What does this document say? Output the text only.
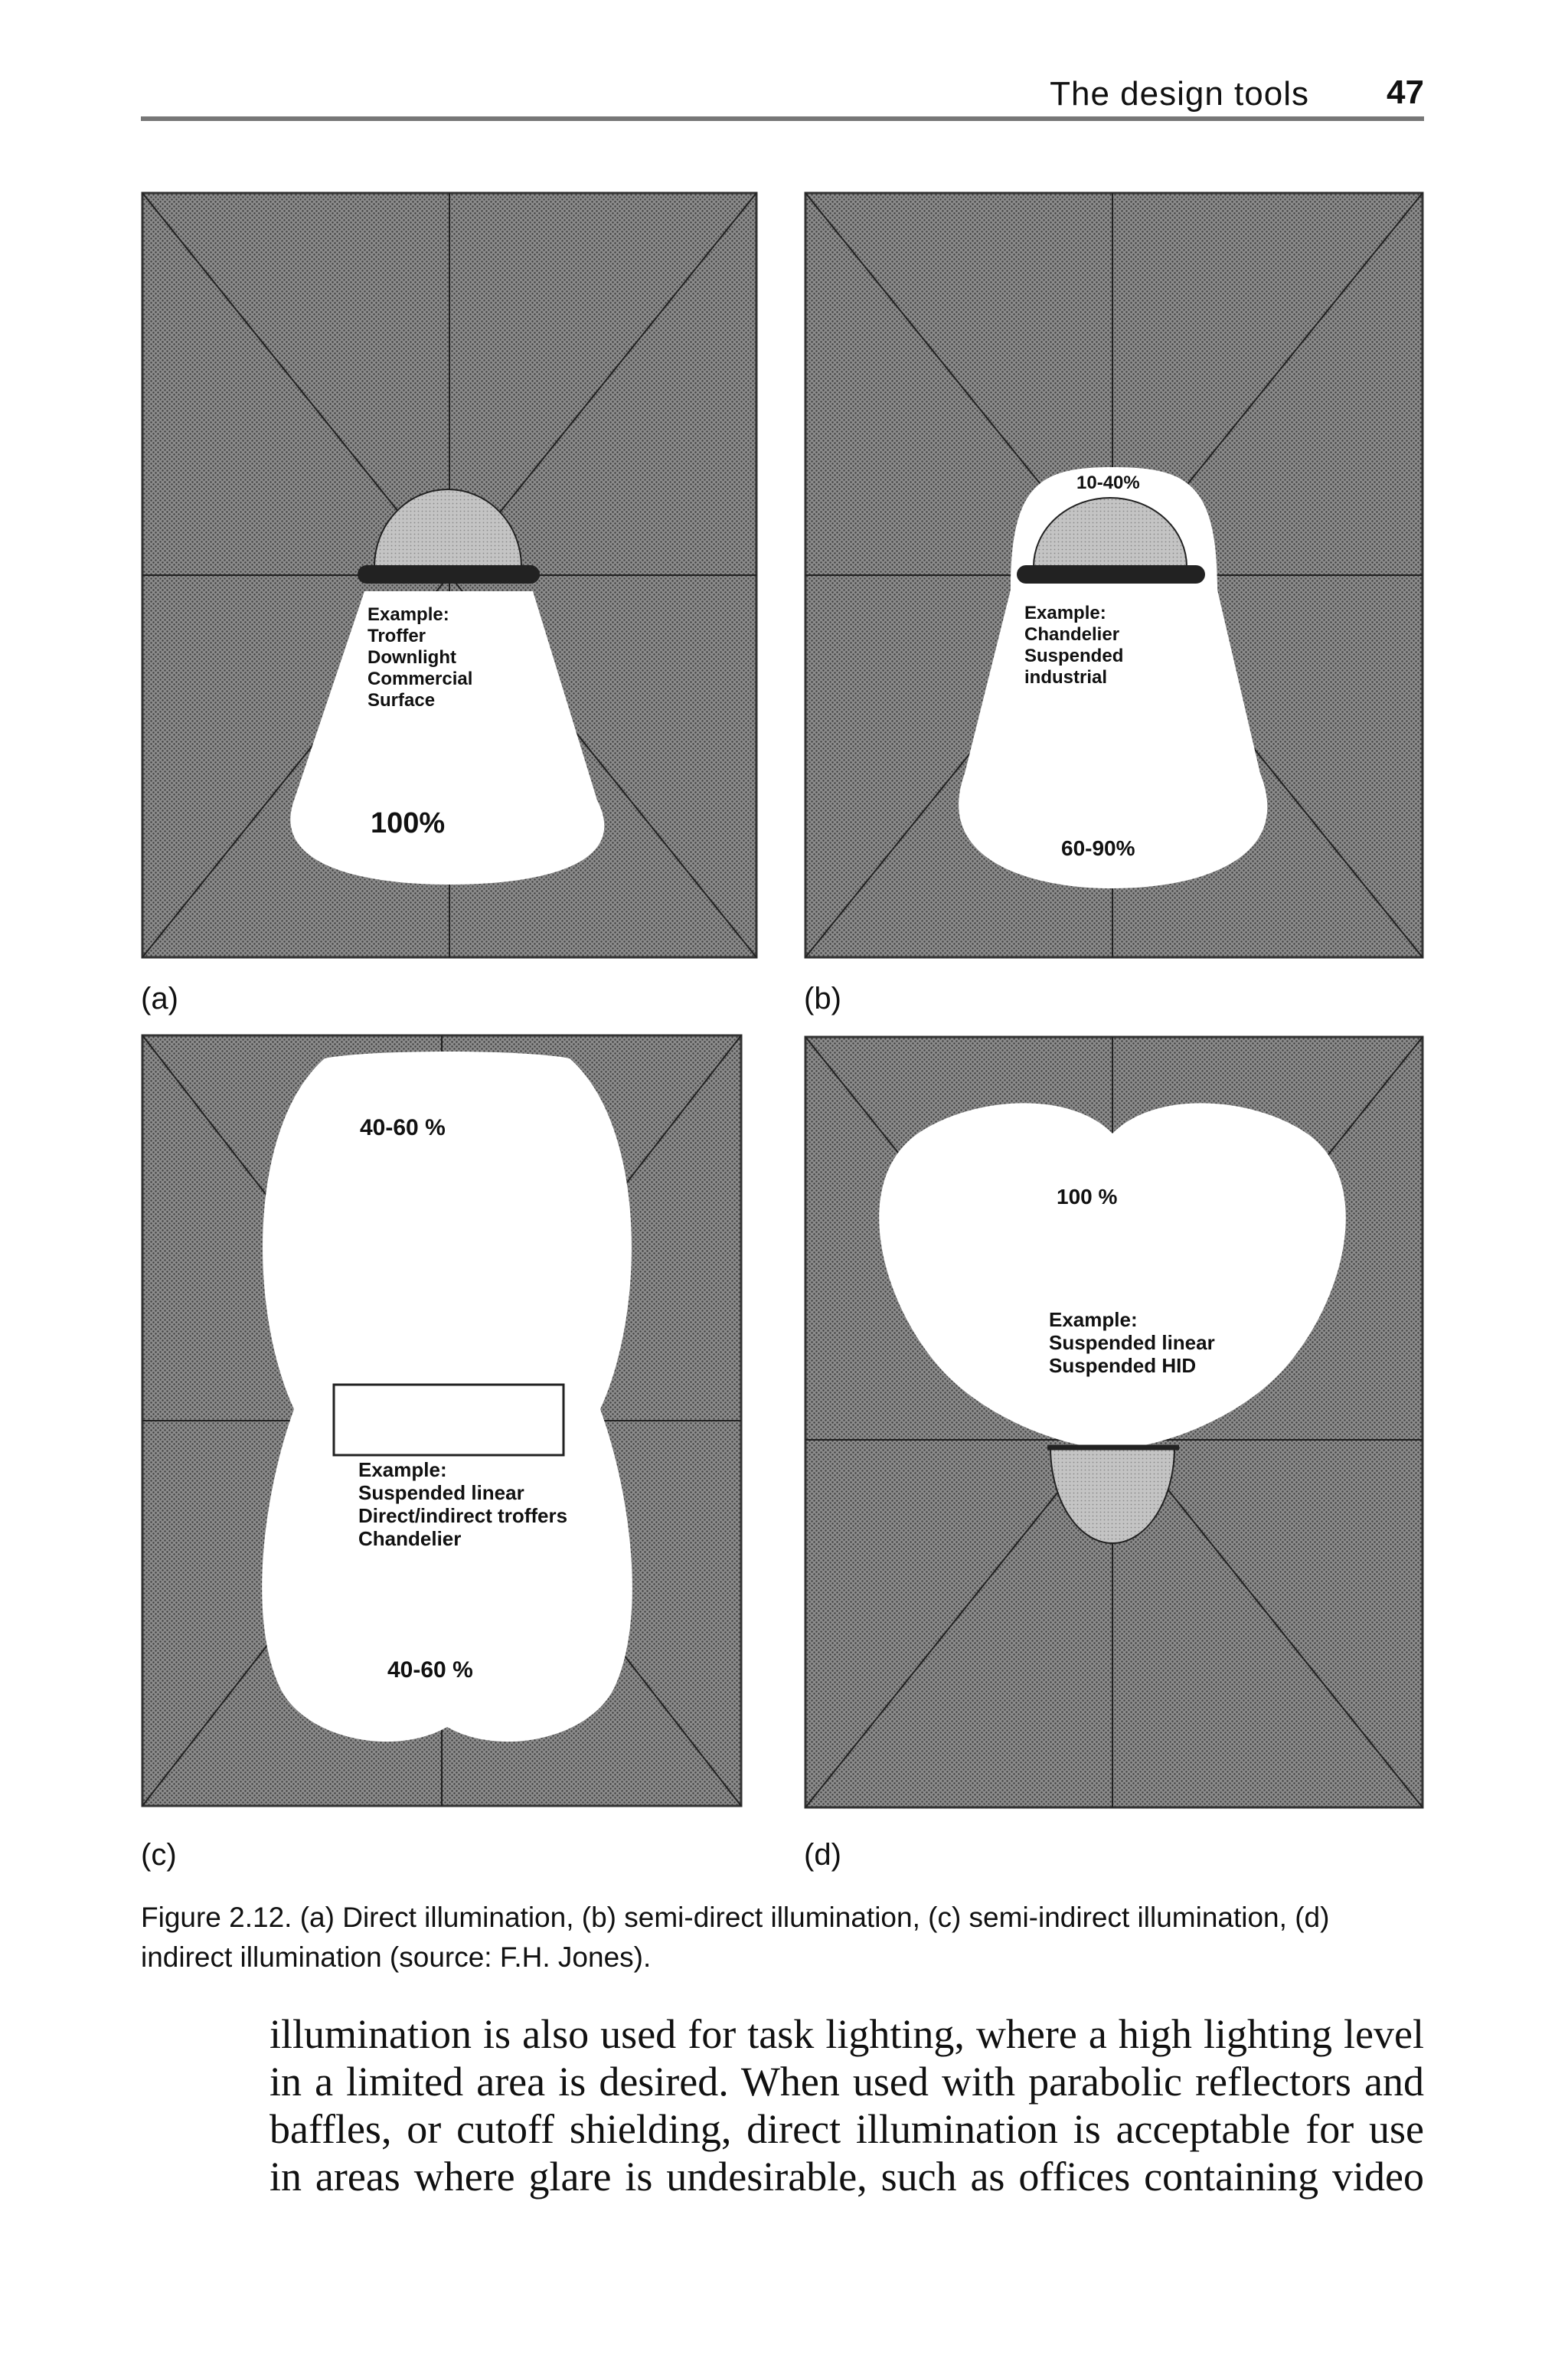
The design tools 47
Example:
Troffer
Downlight
Commercial
Surface
100%
(a)
10-40%
Example:
Chandelier
Suspended
industrial
60-90%
(b)
40-60 %
Example:
Suspended linear
Direct/indirect troffers
Chandelier
40-60 %
(c)
100 %
Example:
Suspended linear
Suspended HID
(d)
Figure 2.12. (a) Direct illumination, (b) semi-direct illumination, (c) semi-indirect illumination, (d) indirect illumination (source: F.H. Jones).
illumination is also used for task lighting, where a high lighting level
in a limited area is desired. When used with parabolic reflectors and
baffles, or cutoff shielding, direct illumination is acceptable for use
in areas where glare is undesirable, such as offices containing video
